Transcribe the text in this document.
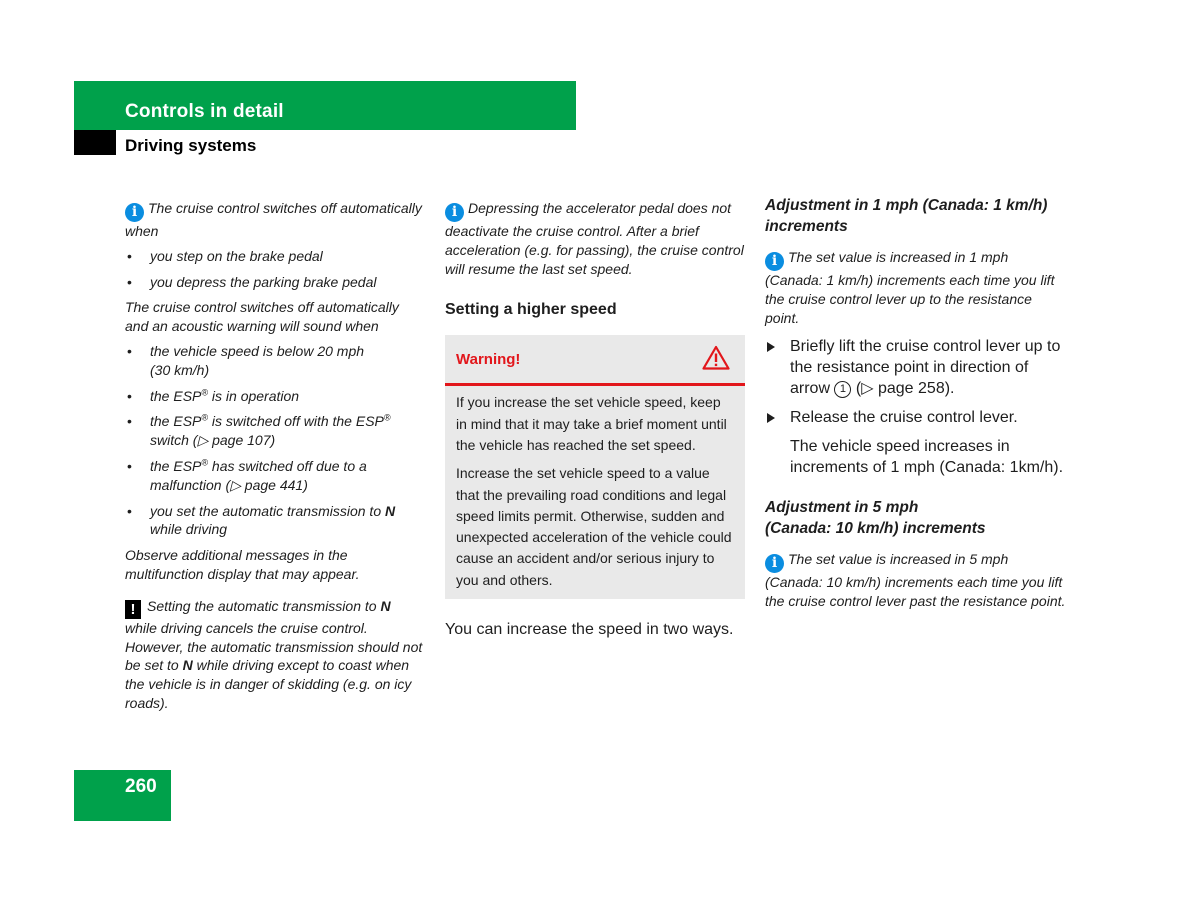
Controls in detail
Driving systems

i The cruise control switches off automatically when

• you step on the brake pedal
• you depress the parking brake pedal

The cruise control switches off automatically and an acoustic warning will sound when

• the vehicle speed is below 20 mph
(30 km/h)
• the ESP® is in operation
• the ESP® is switched off with the ESP® switch (▷ page 107)
• the ESP® has switched off due to a malfunction (▷ page 441)
• you set the automatic transmission to N while driving

Observe additional messages in the multifunction display that may appear.

! Setting the automatic transmission to N while driving cancels the cruise control. However, the automatic transmission should not be set to N while driving except to coast when the vehicle is in danger of skidding (e.g. on icy roads).

i Depressing the accelerator pedal does not deactivate the cruise control. After a brief acceleration (e.g. for passing), the cruise control will resume the last set speed.

Setting a higher speed

Warning!

If you increase the set vehicle speed, keep in mind that it may take a brief moment until the vehicle has reached the set speed.

Increase the set vehicle speed to a value that the prevailing road conditions and legal speed limits permit. Otherwise, sudden and unexpected acceleration of the vehicle could cause an accident and/or serious injury to you and others.

You can increase the speed in two ways.

Adjustment in 1 mph (Canada: 1 km/h) increments

i The set value is increased in 1 mph (Canada: 1 km/h) increments each time you lift the cruise control lever up to the resistance point.

Briefly lift the cruise control lever up to the resistance point in direction of arrow 1 (▷ page 258).
Release the cruise control lever.
The vehicle speed increases in increments of 1 mph (Canada: 1km/h).

Adjustment in 5 mph
(Canada: 10 km/h) increments

i The set value is increased in 5 mph (Canada: 10 km/h) increments each time you lift the cruise control lever past the resistance point.

260
